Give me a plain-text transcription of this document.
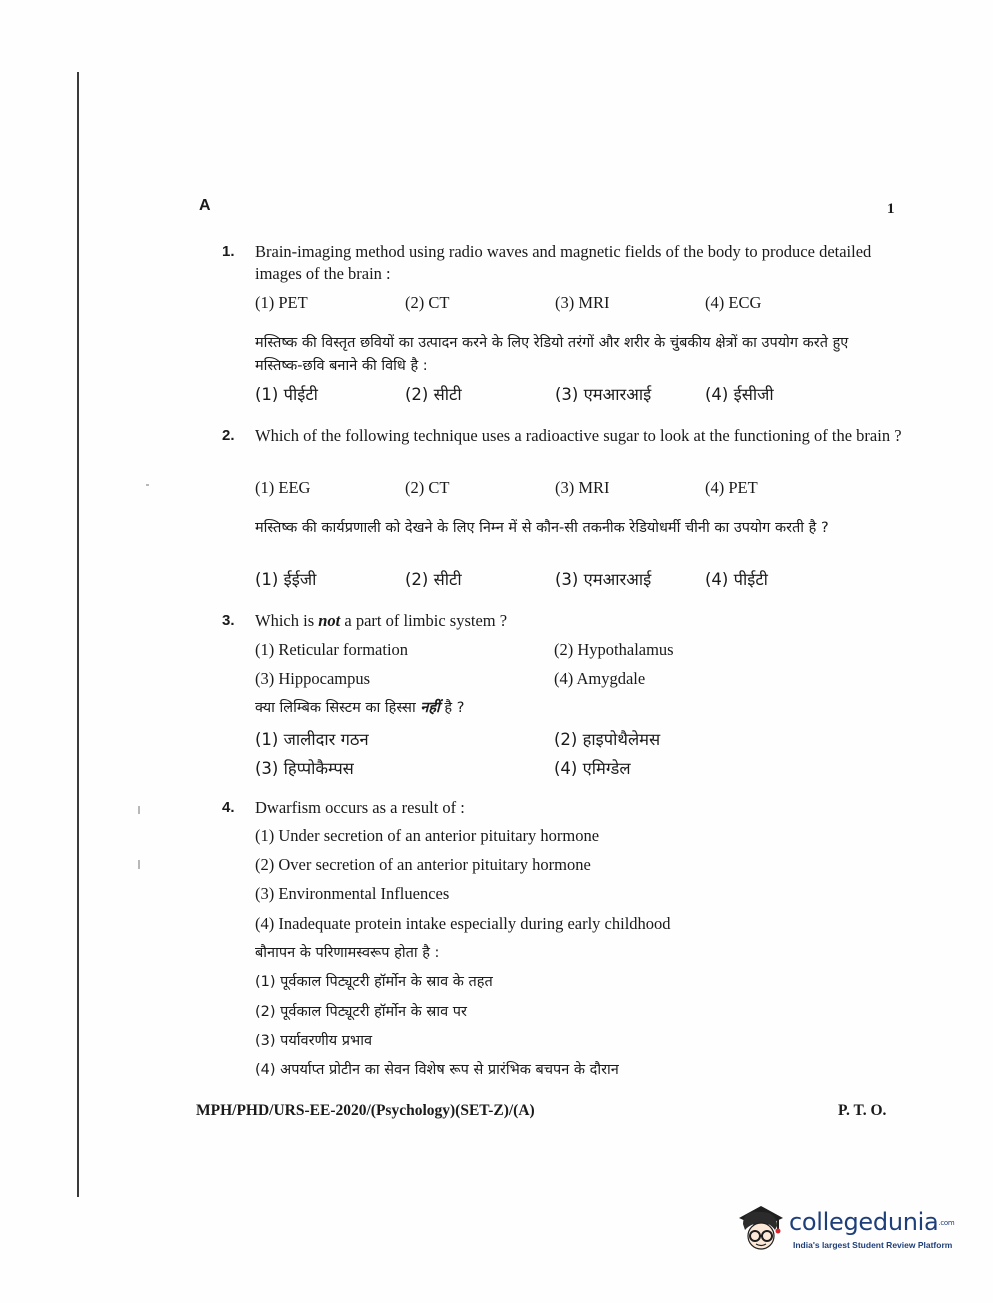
A	1
1. Brain-imaging method using radio waves and magnetic fields of the body to produce detailed images of the brain :
(1) PET	(2) CT	(3) MRI	(4) ECG
मस्तिष्क की विस्तृत छवियों का उत्पादन करने के लिए रेडियो तरंगों और शरीर के चुंबकीय क्षेत्रों का उपयोग करते हुए मस्तिष्क-छवि बनाने की विधि है :
(1) पीईटी	(2) सीटी	(3) एमआरआई	(4) ईसीजी
2. Which of the following technique uses a radioactive sugar to look at the functioning of the brain ?
(1) EEG	(2) CT	(3) MRI	(4) PET
मस्तिष्क की कार्यप्रणाली को देखने के लिए निम्न में से कौन-सी तकनीक रेडियोधर्मी चीनी का उपयोग करती है ?
(1) ईईजी	(2) सीटी	(3) एमआरआई	(4) पीईटी
3. Which is not a part of limbic system ?
(1) Reticular formation	(2) Hypothalamus
(3) Hippocampus	(4) Amygdale
क्या लिम्बिक सिस्टम का हिस्सा नहीं है ?
(1) जालीदार गठन	(2) हाइपोथैलेमस
(3) हिप्पोकैम्पस	(4) एमिग्डेल
4. Dwarfism occurs as a result of :
(1) Under secretion of an anterior pituitary hormone
(2) Over secretion of an anterior pituitary hormone
(3) Environmental Influences
(4) Inadequate protein intake especially during early childhood
बौनापन के परिणामस्वरूप होता है :
(1) पूर्वकाल पिट्यूटरी हॉर्मोन के स्राव के तहत
(2) पूर्वकाल पिट्यूटरी हॉर्मोन के स्राव पर
(3) पर्यावरणीय प्रभाव
(4) अपर्याप्त प्रोटीन का सेवन विशेष रूप से प्रारंभिक बचपन के दौरान
MPH/PHD/URS-EE-2020/(Psychology)(SET-Z)/(A)	P. T. O.
collegedunia.com
India's largest Student Review Platform
